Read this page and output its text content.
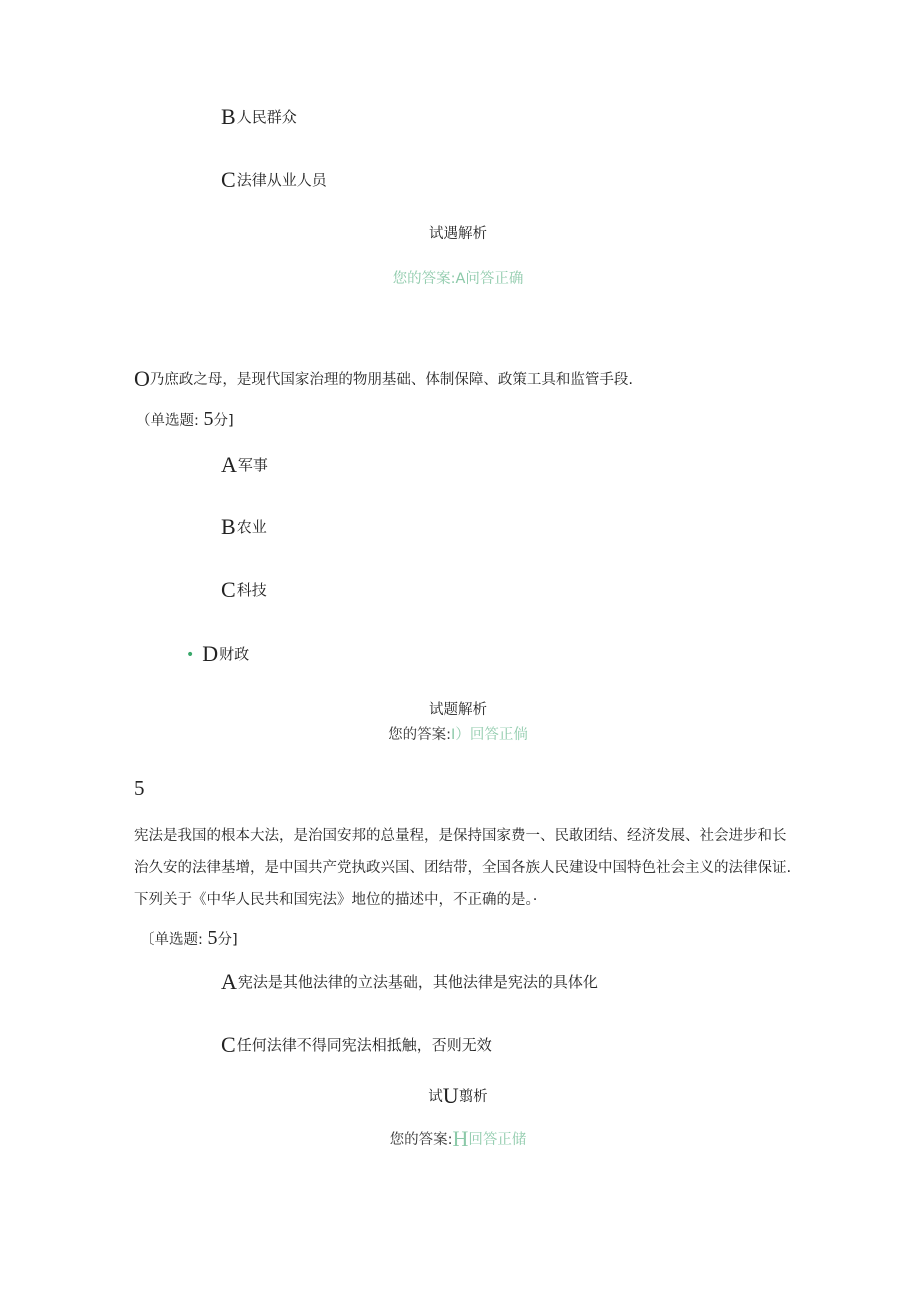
B人民群众
C法律从业人员
试遇解析
您的答案:A问答正确
O乃庶政之母，是现代国家治理的物朋基础、体制保障、政策工具和监管手段.
（单选题: 5分]
A军事
B农业
C科技
• D财政
试题解析
您的答案:I）回答正倘
5
宪法是我国的根本大法，是治国安邦的总量程，是保持国家费一、民敢团结、经济发展、社会进步和长治久安的法律基增，是中国共产党执政兴国、团结带，全国各族人民建设中国特色社会主义的法律保证.下列关于《中华人民共和国宪法》地位的描述中，不正确的是。·
〔单选题: 5分]
A宪法是其他法律的立法基础，其他法律是宪法的具体化
C任何法律不得同宪法相抵触，否则无效
试U翦析
您的答案:H回答正储
